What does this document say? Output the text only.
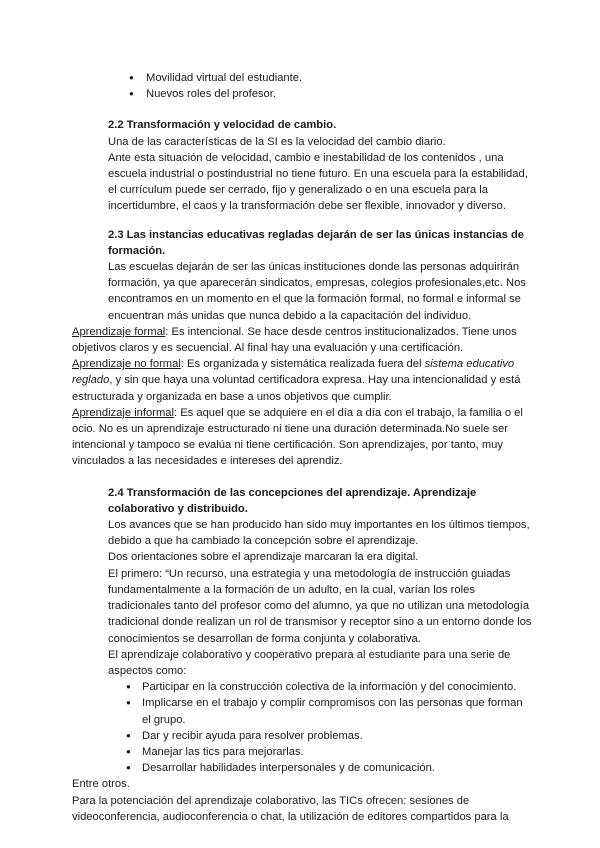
● Movilidad virtual del estudiante.
● Nuevos roles del profesor.

2.2 Transformación y velocidad de cambio.

Una de las características de la SI es la velocidad del cambio diario.

Ante esta situación de velocidad, cambio e inestabilidad de los contenidos , una escuela industrial o postindustrial no tiene futuro. En una escuela para la estabilidad, el currículum puede ser cerrado, fijo y generalizado o en una escuela para la incertidumbre, el caos y la transformación debe ser flexible, innovador y diverso.

2.3 Las instancias educativas regladas dejarán de ser las únicas instancias de formación.

Las escuelas dejarán de ser las únicas instituciones donde las personas adquirirán formación, ya que aparecerán sindicatos, empresas, colegios profesionales,etc. Nos encontramos en un momento en el que la formación formal, no formal e informal se encuentran más unidas que nunca debido a la capacitación del individuo.

Aprendizaje formal: Es intencional. Se hace desde centros institucionalizados. Tiene unos objetivos claros y es secuencial. Al final hay una evaluación y una certificación.

Aprendizaje no formal: Es organizada y sistemática realizada fuera del sistema educativo reglado, y sin que haya una voluntad certificadora expresa. Hay una intencionalidad y está estructurada y organizada en base a unos objetivos que cumplir.

Aprendizaje informal: Es aquel que se adquiere en el día a día con el trabajo, la familia o el ocio. No es un aprendizaje estructurado ni tiene una duración determinada.No suele ser intencional y tampoco se evalúa ni tiene certificación. Son aprendizajes, por tanto, muy vinculados a las necesidades e intereses del aprendiz.

2.4 Transformación de las concepciones del aprendizaje. Aprendizaje colaborativo y distribuido.

Los avances que se han producido han sido muy importantes en los últimos tiempos, debido a que ha cambiado la concepción sobre el aprendizaje.

Dos orientaciones sobre el aprendizaje marcaran la era digital.

El primero: “Un recurso, una estrategia y una metodología de instrucción guiadas fundamentalmente a la formación de un adulto, en la cual, varían los roles tradicionales tanto del profesor como del alumno, ya que no utilizan una metodología tradicional donde realizan un rol de transmisor y receptor sino a un entorno donde los conocimientos se desarrollan de forma conjunta y colaborativa.

El aprendizaje colaborativo y cooperativo prepara al estudiante para una serie de aspectos como:

● Participar en la construcción colectiva de la información y del conocimiento.
● Implicarse en el trabajo y complir compromisos con las personas que forman el grupo.
● Dar y recibir ayuda para resolver problemas.
● Manejar las tics para mejorarlas.
● Desarrollar habilidades interpersonales y de comunicación.

Entre otros.

Para la potenciación del aprendizaje colaborativo, las TICs ofrecen: sesiones de videoconferencia, audioconferencia o chat, la utilización de editores compartidos para la
